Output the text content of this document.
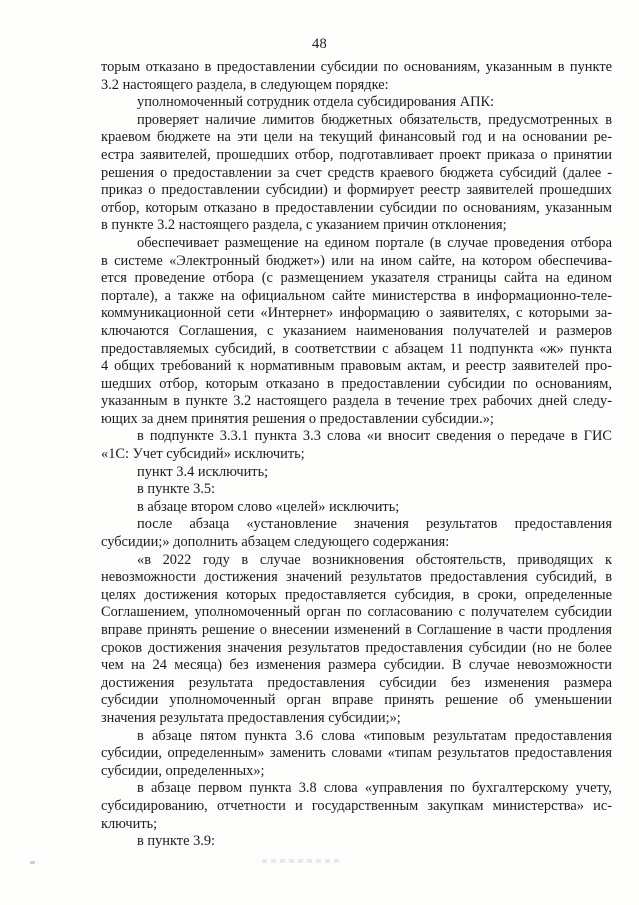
48
торым отказано в предоставлении субсидии по основаниям, указанным в пункте
3.2 настоящего раздела, в следующем порядке:
уполномоченный сотрудник отдела субсидирования АПК:
проверяет наличие лимитов бюджетных обязательств, предусмотренных в
краевом бюджете на эти цели на текущий финансовый год и на основании ре-
естра заявителей, прошедших отбор, подготавливает проект приказа о принятии
решения о предоставлении за счет средств краевого бюджета субсидий (далее -
приказ о предоставлении субсидии) и формирует реестр заявителей прошедших
отбор, которым отказано в предоставлении субсидии по основаниям, указанным
в пункте 3.2 настоящего раздела, с указанием причин отклонения;
обеспечивает размещение на едином портале (в случае проведения отбора
в системе «Электронный бюджет») или на ином сайте, на котором обеспечива-
ется проведение отбора (с размещением указателя страницы сайта на едином
портале), а также на официальном сайте министерства в информационно-теле-
коммуникационной сети «Интернет» информацию о заявителях, с которыми за-
ключаются Соглашения, с указанием наименования получателей и размеров
предоставляемых субсидий, в соответствии с абзацем 11 подпункта «ж» пункта
4 общих требований к нормативным правовым актам, и реестр заявителей про-
шедших отбор, которым отказано в предоставлении субсидии по основаниям,
указанным в пункте 3.2 настоящего раздела в течение трех рабочих дней следу-
ющих за днем принятия решения о предоставлении субсидии.»;
в подпункте 3.3.1 пункта 3.3 слова «и вносит сведения о передаче в ГИС
«1С: Учет субсидий» исключить;
пункт 3.4 исключить;
в пункте 3.5:
в абзаце втором слово «целей» исключить;
после абзаца «установление значения результатов предоставления
субсидии;» дополнить абзацем следующего содержания:
«в 2022 году в случае возникновения обстоятельств, приводящих к
невозможности достижения значений результатов предоставления субсидий, в
целях достижения которых предоставляется субсидия, в сроки, определенные
Соглашением, уполномоченный орган по согласованию с получателем субсидии
вправе принять решение о внесении изменений в Соглашение в части продления
сроков достижения значения результатов предоставления субсидии (но не более
чем на 24 месяца) без изменения размера субсидии. В случае невозможности
достижения результата предоставления субсидии без изменения размера
субсидии уполномоченный орган вправе принять решение об уменьшении
значения результата предоставления субсидии;»;
в абзаце пятом пункта 3.6 слова «типовым результатам предоставления
субсидии, определенным» заменить словами «типам результатов предоставления
субсидии, определенных»;
в абзаце первом пункта 3.8 слова «управления по бухгалтерскому учету,
субсидированию, отчетности и государственным закупкам министерства» ис-
ключить;
в пункте 3.9:
